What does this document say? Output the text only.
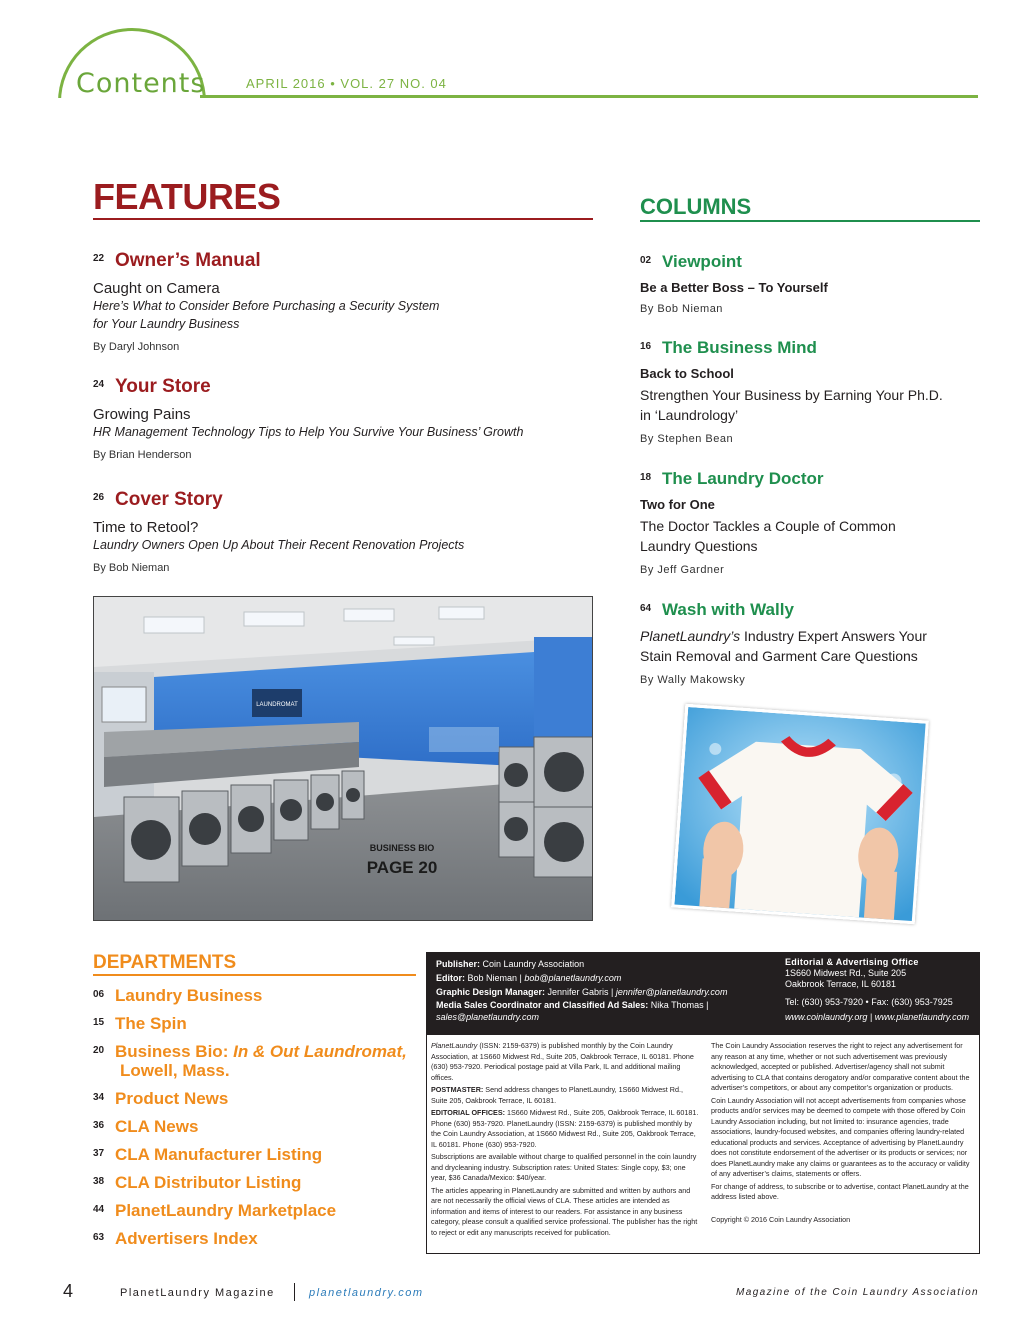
Contents	APRIL 2016 • VOL. 27 NO. 04
FEATURES
22 Owner’s Manual
Caught on Camera
Here’s What to Consider Before Purchasing a Security System
for Your Laundry Business
By Daryl Johnson
24 Your Store
Growing Pains
HR Management Technology Tips to Help You Survive Your Business’ Growth
By Brian Henderson
26 Cover Story
Time to Retool?
Laundry Owners Open Up About Their Recent Renovation Projects
By Bob Nieman
LAUNDROMAT
BUSINESS BIO
PAGE 20
COLUMNS
02 Viewpoint
Be a Better Boss – To Yourself
By Bob Nieman
16 The Business Mind
Back to School
Strengthen Your Business by Earning Your Ph.D.
in ‘Laundrology’
By Stephen Bean
18 The Laundry Doctor
Two for One
The Doctor Tackles a Couple of Common
Laundry Questions
By Jeff Gardner
64 Wash with Wally
PlanetLaundry’s Industry Expert Answers Your
Stain Removal and Garment Care Questions
By Wally Makowsky
DEPARTMENTS
06 Laundry Business
15 The Spin
20 Business Bio: In & Out Laundromat,
Lowell, Mass.
34 Product News
36 CLA News
37 CLA Manufacturer Listing
38 CLA Distributor Listing
44 PlanetLaundry Marketplace
63 Advertisers Index
Publisher: Coin Laundry Association
Editor: Bob Nieman | bob@planetlaundry.com
Graphic Design Manager: Jennifer Gabris | jennifer@planetlaundry.com
Media Sales Coordinator and Classified Ad Sales: Nika Thomas |
sales@planetlaundry.com
Editorial & Advertising Office
1S660 Midwest Rd., Suite 205
Oakbrook Terrace, IL 60181
Tel: (630) 953-7920 • Fax: (630) 953-7925
www.coinlaundry.org | www.planetlaundry.com

PlanetLaundry (ISSN: 2159-6379) is published monthly by the Coin Laundry Association, at 1S660 Midwest Rd., Suite 205, Oakbrook Terrace, IL 60181. Phone (630) 953-7920. Periodical postage paid at Villa Park, IL and additional mailing offices.

POSTMASTER: Send address changes to PlanetLaundry, 1S660 Midwest Rd., Suite 205, Oakbrook Terrace, IL 60181.

EDITORIAL OFFICES: 1S660 Midwest Rd., Suite 205, Oakbrook Terrace, IL 60181. Phone (630) 953-7920. PlanetLaundry (ISSN: 2159-6379) is published monthly by the Coin Laundry Association, at 1S660 Midwest Rd., Suite 205, Oakbrook Terrace, IL 60181. Phone (630) 953-7920.

Subscriptions are available without charge to qualified personnel in the coin laundry and drycleaning industry. Subscription rates: United States: Single copy, $3; one year, $36 Canada/Mexico: $40/year.

The articles appearing in PlanetLaundry are submitted and written by authors and are not necessarily the official views of CLA. These articles are intended as information and items of interest to our readers. For assistance in any business category, please consult a qualified service professional. The publisher has the right to reject or edit any manuscripts received for publication.

The Coin Laundry Association reserves the right to reject any advertisement for any reason at any time, whether or not such advertisement was previously acknowledged, accepted or published. Advertiser/agency shall not submit advertising to CLA that contains derogatory and/or comparative content about the advertiser’s competitors, or about any competitor’s organization or products.

Coin Laundry Association will not accept advertisements from companies whose products and/or services may be deemed to compete with those offered by Coin Laundry Association including, but not limited to: insurance agencies, trade associations, laundry-focused websites, and companies offering laundry-related educational products and services. Acceptance of advertising by PlanetLaundry does not constitute endorsement of the advertiser or its products or services; nor does PlanetLaundry make any claims or guarantees as to the accuracy or validity of any advertiser’s claims, statements or offers.

For change of address, to subscribe or to advertise, contact PlanetLaundry at the address listed above.

Copyright © 2016 Coin Laundry Association

4	PlanetLaundry Magazine	planetlaundry.com	Magazine of the Coin Laundry Association
